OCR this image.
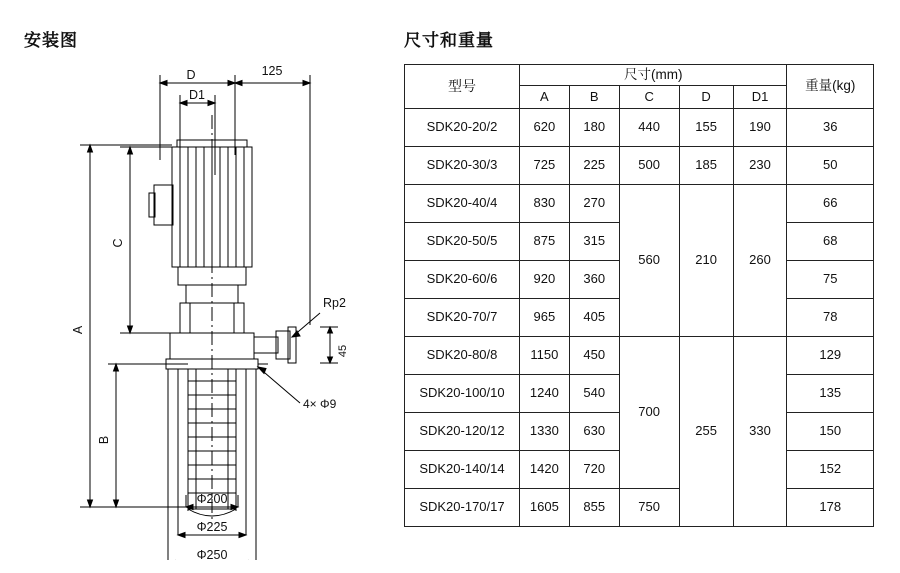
安装图
D	125
D1
A
B
C
Rp2
45
4× Φ9
Φ200
Φ225
Φ250
尺寸和重量
型号	尺寸(mm)					重量(kg)
	A	B	C	D	D1	
SDK20-20/2	620	180	440	155	190	36
SDK20-30/3	725	225	500	185	230	50
SDK20-40/4	830	270	560	210	260	66
SDK20-50/5	875	315				68
SDK20-60/6	920	360				75
SDK20-70/7	965	405				78
SDK20-80/8	1150	450	700	255	330	129
SDK20-100/10	1240	540				135
SDK20-120/12	1330	630				150
SDK20-140/14	1420	720				152
SDK20-170/17	1605	855	750			178
